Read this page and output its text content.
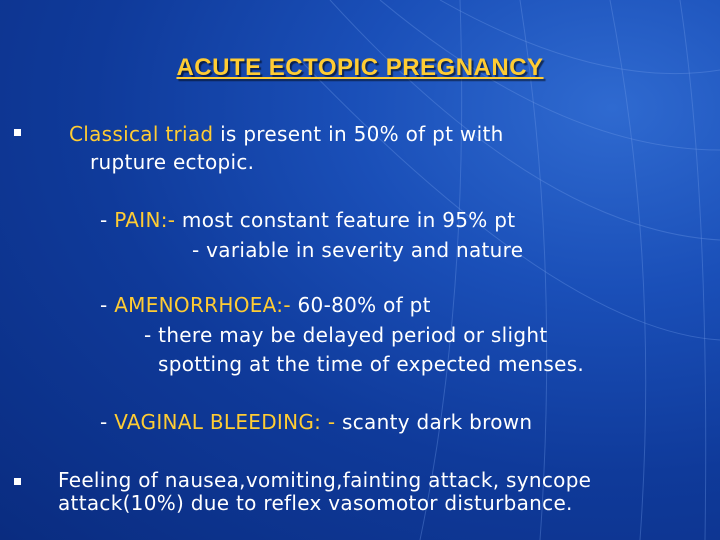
ACUTE ECTOPIC PREGNANCY
Classical triad is present in 50% of pt with
rupture ectopic.
- PAIN:- most constant feature in 95% pt
- variable in severity and nature
- AMENORRHOEA:- 60-80% of pt
- there may be delayed period or slight
spotting at the time of expected menses.
- VAGINAL BLEEDING: - scanty dark brown
Feeling of nausea,vomiting,fainting attack, syncope
attack(10%) due to reflex vasomotor disturbance.
